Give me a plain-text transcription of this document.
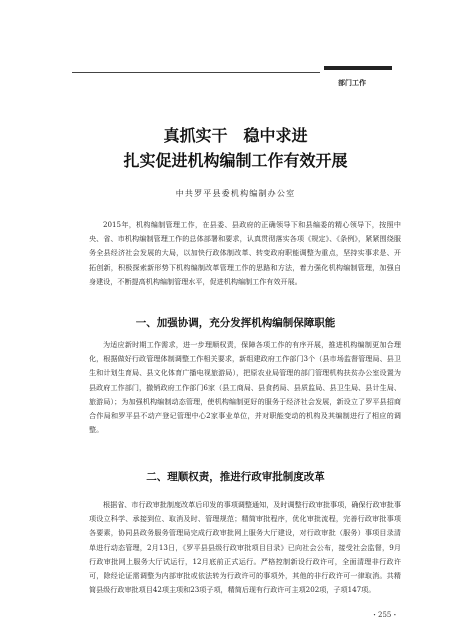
部门工作
真抓实干　稳中求进
扎实促进机构编制工作有效开展
中共罗平县委机构编制办公室

2015年，机构编制管理工作，在县委、县政府的正确领导下和县编委的精心领导下，按照中央、省、市机构编制管理工作的总体部署和要求，认真贯彻落实各项《规定》、《条例》，紧紧围绕服务全县经济社会发展的大局，以加快行政体制改革、转变政府职能调整为重点，坚持实事求是、开拓创新，积极探索新形势下机构编制改革管理工作的思路和方法，着力强化机构编制管理，加强自身建设，不断提高机构编制管理水平，促进机构编制工作有效开展。

一、加强协调，充分发挥机构编制保障职能

为适应新时期工作需求，进一步理顺权责，保障各项工作的有序开展，推进机构编制更加合理化，根据做好行政管理体制调整工作相关要求，新组建政府工作部门3个（县市场监督管理局、县卫生和计划生育局、县文化体育广播电视旅游局），把原农业局管理的部门管理机构扶贫办公室设置为县政府工作部门，撤销政府工作部门6家（县工商局、县食药局、县质监局、县卫生局、县计生局、旅游局）；为加强机构编制动态管理，使机构编制更好的服务于经济社会发展，新设立了罗平县招商合作局和罗平县不动产登记管理中心2家事业单位，并对职能变动的机构及其编制进行了相应的调整。

二、理顺权责，推进行政审批制度改革

根据省、市行政审批制度改革后印发的事项调整通知，及时调整行政审批事项，确保行政审批事项设立科学、承接到位、取消及时、管理规范；精简审批程序，优化审批流程，完善行政审批事项各要素，协同县政务服务管理局完成行政审批网上服务大厅建设，对行政审批（服务）事项目录清单进行动态管理，2月13日，《罗平县县级行政审批项目目录》已向社会公布，接受社会监督，9月行政审批网上服务大厅试运行，12月底前正式运行。严格控制新设行政许可，全面清理非行政许可，除经论证需调整为内部审批或依法转为行政许可的事项外，其他的非行政许可一律取消。共精简县级行政审批项目42项主项和23项子项，精简后现有行政许可主项202项，子项147项。

・255・
